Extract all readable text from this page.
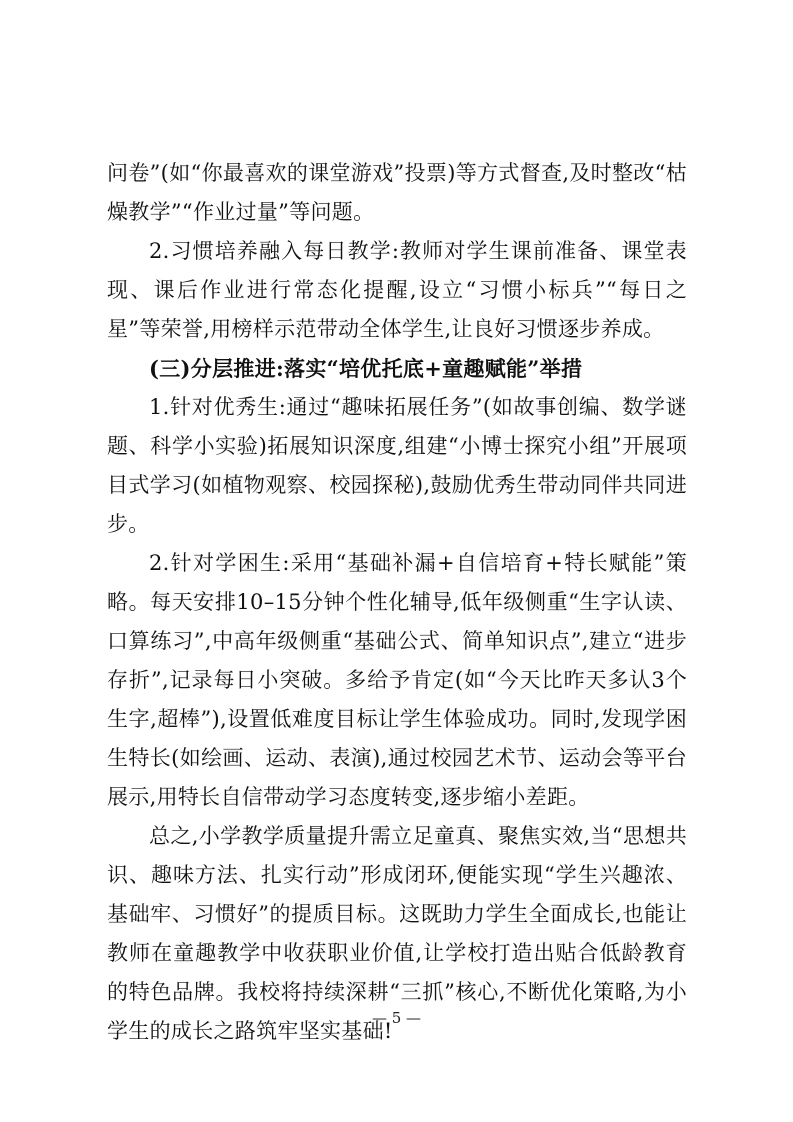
问卷”(如“你最喜欢的课堂游戏”投票)等方式督查,及时整改“枯燥教学”“作业过量”等问题。

2.习惯培养融入每日教学:教师对学生课前准备、课堂表现、课后作业进行常态化提醒,设立“习惯小标兵”“每日之星”等荣誉,用榜样示范带动全体学生,让良好习惯逐步养成。

(三)分层推进:落实“培优托底+童趣赋能”举措

1.针对优秀生:通过“趣味拓展任务”(如故事创编、数学谜题、科学小实验)拓展知识深度,组建“小博士探究小组”开展项目式学习(如植物观察、校园探秘),鼓励优秀生带动同伴共同进步。

2.针对学困生:采用“基础补漏+自信培育+特长赋能”策略。每天安排10–15分钟个性化辅导,低年级侧重“生字认读、口算练习”,中高年级侧重“基础公式、简单知识点”,建立“进步存折”,记录每日小突破。多给予肯定(如“今天比昨天多认3个生字,超棒”),设置低难度目标让学生体验成功。同时,发现学困生特长(如绘画、运动、表演),通过校园艺术节、运动会等平台展示,用特长自信带动学习态度转变,逐步缩小差距。

总之,小学教学质量提升需立足童真、聚焦实效,当“思想共识、趣味方法、扎实行动”形成闭环,便能实现“学生兴趣浓、基础牢、习惯好”的提质目标。这既助力学生全面成长,也能让教师在童趣教学中收获职业价值,让学校打造出贴合低龄教育的特色品牌。我校将持续深耕“三抓”核心,不断优化策略,为小学生的成长之路筑牢坚实基础!

— 5 —
